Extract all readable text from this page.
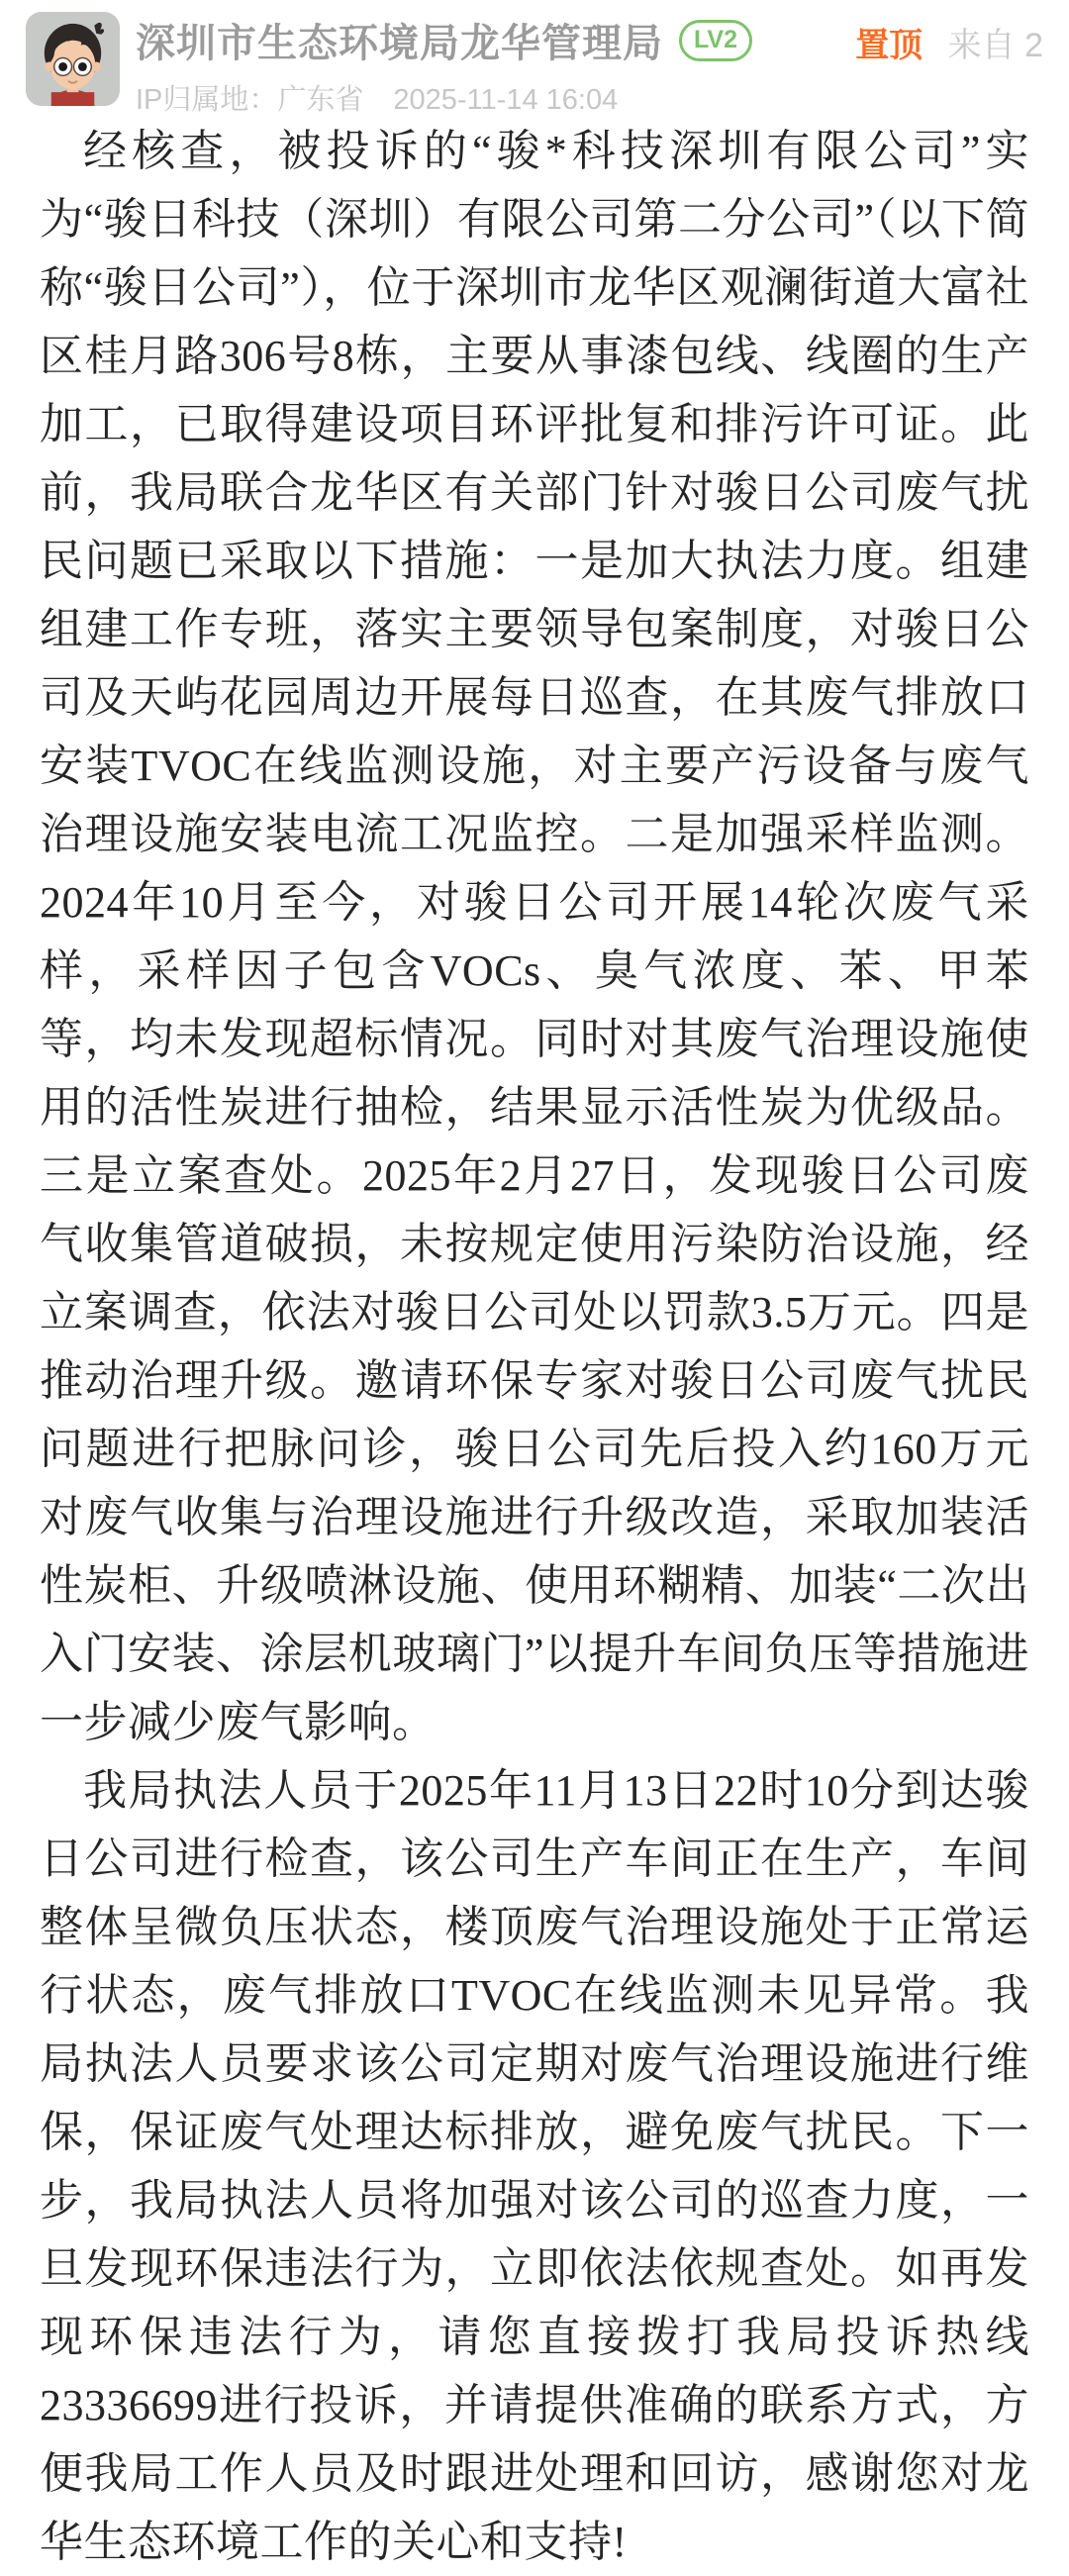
深圳市生态环境局龙华管理局	LV2
IP归属地：广东省 2025-11-14 16:04
置顶 来自 2

经核查，被投诉的“骏*科技深圳有限公司”实为“骏日科技（深圳）有限公司第二分公司”（以下简称“骏日公司”），位于深圳市龙华区观澜街道大富社区桂月路306号8栋，主要从事漆包线、线圈的生产加工，已取得建设项目环评批复和排污许可证。此前，我局联合龙华区有关部门针对骏日公司废气扰民问题已采取以下措施：一是加大执法力度。组建组建工作专班，落实主要领导包案制度，对骏日公司及天屿花园周边开展每日巡查，在其废气排放口安装TVOC在线监测设施，对主要产污设备与废气治理设施安装电流工况监控。二是加强采样监测。2024年10月至今，对骏日公司开展14轮次废气采样，采样因子包含VOCs、臭气浓度、苯、甲苯等，均未发现超标情况。同时对其废气治理设施使用的活性炭进行抽检，结果显示活性炭为优级品。三是立案查处。2025年2月27日，发现骏日公司废气收集管道破损，未按规定使用污染防治设施，经立案调查，依法对骏日公司处以罚款3.5万元。四是推动治理升级。邀请环保专家对骏日公司废气扰民问题进行把脉问诊，骏日公司先后投入约160万元对废气收集与治理设施进行升级改造，采取加装活性炭柜、升级喷淋设施、使用环糊精、加装“二次出入门安装、涂层机玻璃门”以提升车间负压等措施进一步减少废气影响。

我局执法人员于2025年11月13日22时10分到达骏日公司进行检查，该公司生产车间正在生产，车间整体呈微负压状态，楼顶废气治理设施处于正常运行状态，废气排放口TVOC在线监测未见异常。我局执法人员要求该公司定期对废气治理设施进行维保，保证废气处理达标排放，避免废气扰民。下一步，我局执法人员将加强对该公司的巡查力度，一旦发现环保违法行为，立即依法依规查处。如再发现环保违法行为，请您直接拨打我局投诉热线23336699进行投诉，并请提供准确的联系方式，方便我局工作人员及时跟进处理和回访，感谢您对龙华生态环境工作的关心和支持!
